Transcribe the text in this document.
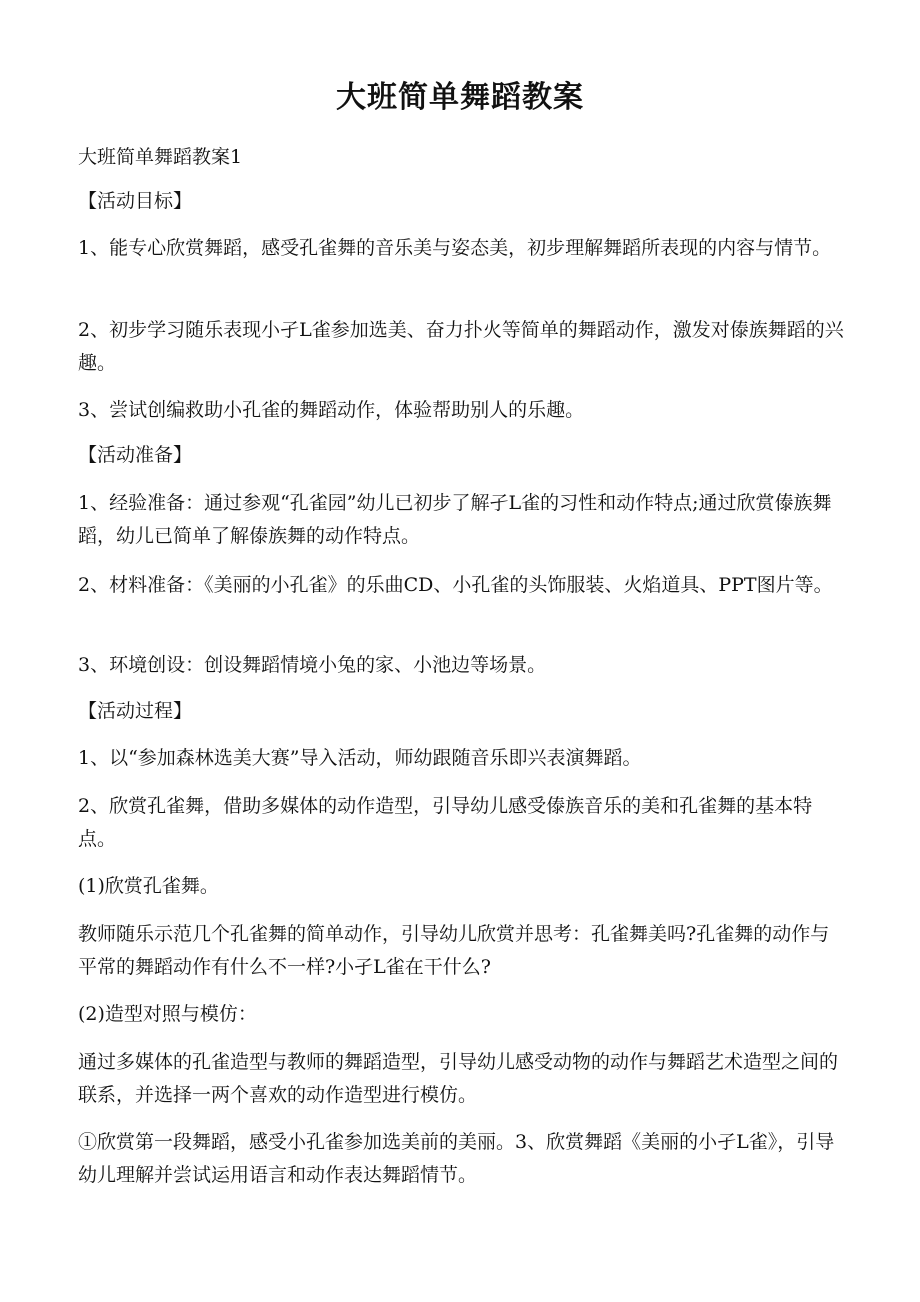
大班简单舞蹈教案

大班简单舞蹈教案1

【活动目标】

1、能专心欣赏舞蹈，感受孔雀舞的音乐美与姿态美，初步理解舞蹈所表现的内容与情节。

2、初步学习随乐表现小孑L雀参加选美、奋力扑火等简单的舞蹈动作，激发对傣族舞蹈的兴趣。

3、尝试创编救助小孔雀的舞蹈动作，体验帮助别人的乐趣。

【活动准备】

1、经验准备：通过参观“孔雀园”幼儿已初步了解孑L雀的习性和动作特点;通过欣赏傣族舞蹈，幼儿已简单了解傣族舞的动作特点。

2、材料准备：《美丽的小孔雀》的乐曲CD、小孔雀的头饰服装、火焰道具、PPT图片等。

3、环境创设：创设舞蹈情境小兔的家、小池边等场景。

【活动过程】

1、以“参加森林选美大赛”导入活动，师幼跟随音乐即兴表演舞蹈。

2、欣赏孔雀舞，借助多媒体的动作造型，引导幼儿感受傣族音乐的美和孔雀舞的基本特点。

(1)欣赏孔雀舞。

教师随乐示范几个孔雀舞的简单动作，引导幼儿欣赏并思考：孔雀舞美吗?孔雀舞的动作与平常的舞蹈动作有什么不一样?小孑L雀在干什么?

(2)造型对照与模仿：

通过多媒体的孔雀造型与教师的舞蹈造型，引导幼儿感受动物的动作与舞蹈艺术造型之间的联系，并选择一两个喜欢的动作造型进行模仿。

①欣赏第一段舞蹈，感受小孔雀参加选美前的美丽。3、欣赏舞蹈《美丽的小孑L雀》，引导幼儿理解并尝试运用语言和动作表达舞蹈情节。
